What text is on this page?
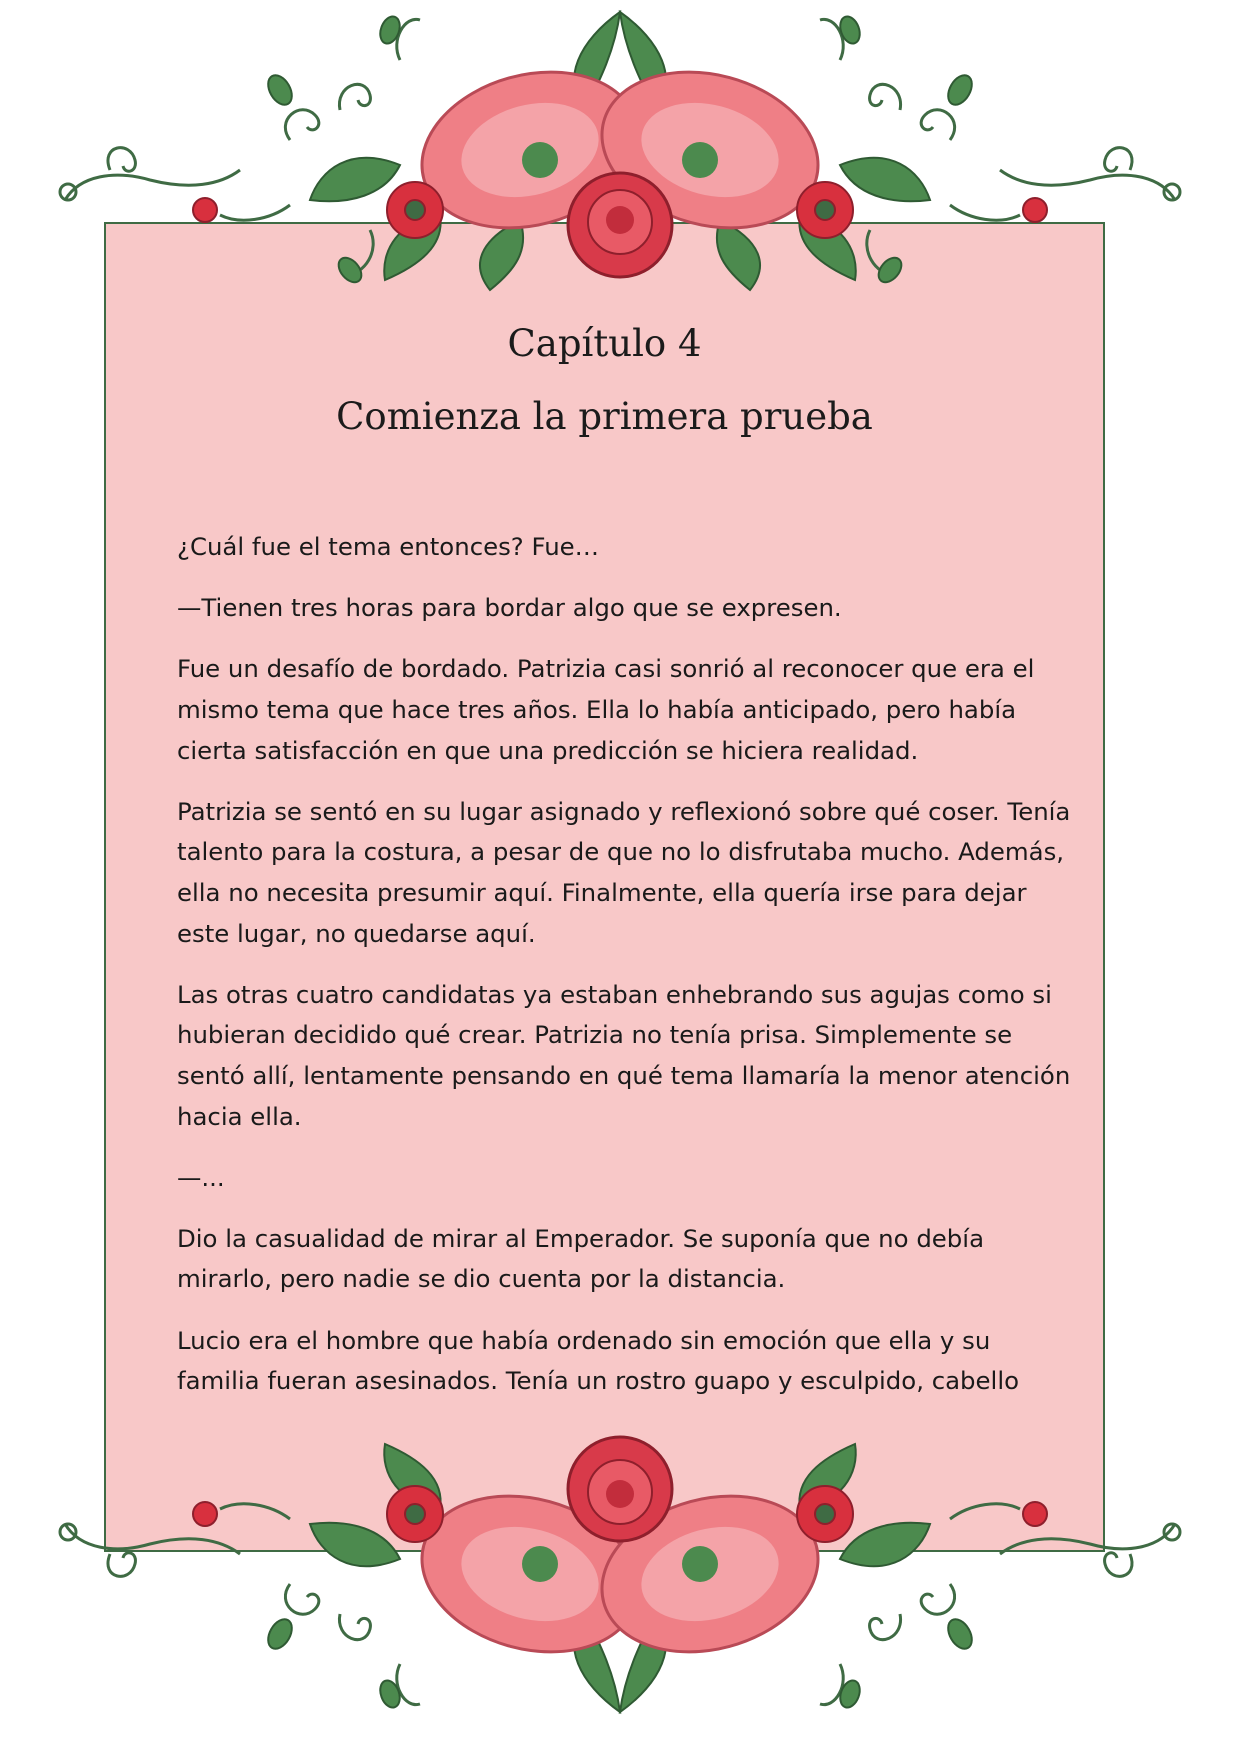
Capítulo 4

Comienza la primera prueba

¿Cuál fue el tema entonces? Fue…

—Tienen tres horas para bordar algo que se expresen.

Fue un desafío de bordado. Patrizia casi sonrió al reconocer que era el mismo tema que hace tres años. Ella lo había anticipado, pero había cierta satisfacción en que una predicción se hiciera realidad.

Patrizia se sentó en su lugar asignado y reflexionó sobre qué coser. Tenía talento para la costura, a pesar de que no lo disfrutaba mucho. Además, ella no necesita presumir aquí. Finalmente, ella quería irse para dejar este lugar, no quedarse aquí.

Las otras cuatro candidatas ya estaban enhebrando sus agujas como si hubieran decidido qué crear. Patrizia no tenía prisa. Simplemente se sentó allí, lentamente pensando en qué tema llamaría la menor atención hacia ella.

—...

Dio la casualidad de mirar al Emperador. Se suponía que no debía mirarlo, pero nadie se dio cuenta por la distancia.

Lucio era el hombre que había ordenado sin emoción que ella y su familia fueran asesinados. Tenía un rostro guapo y esculpido, cabello
